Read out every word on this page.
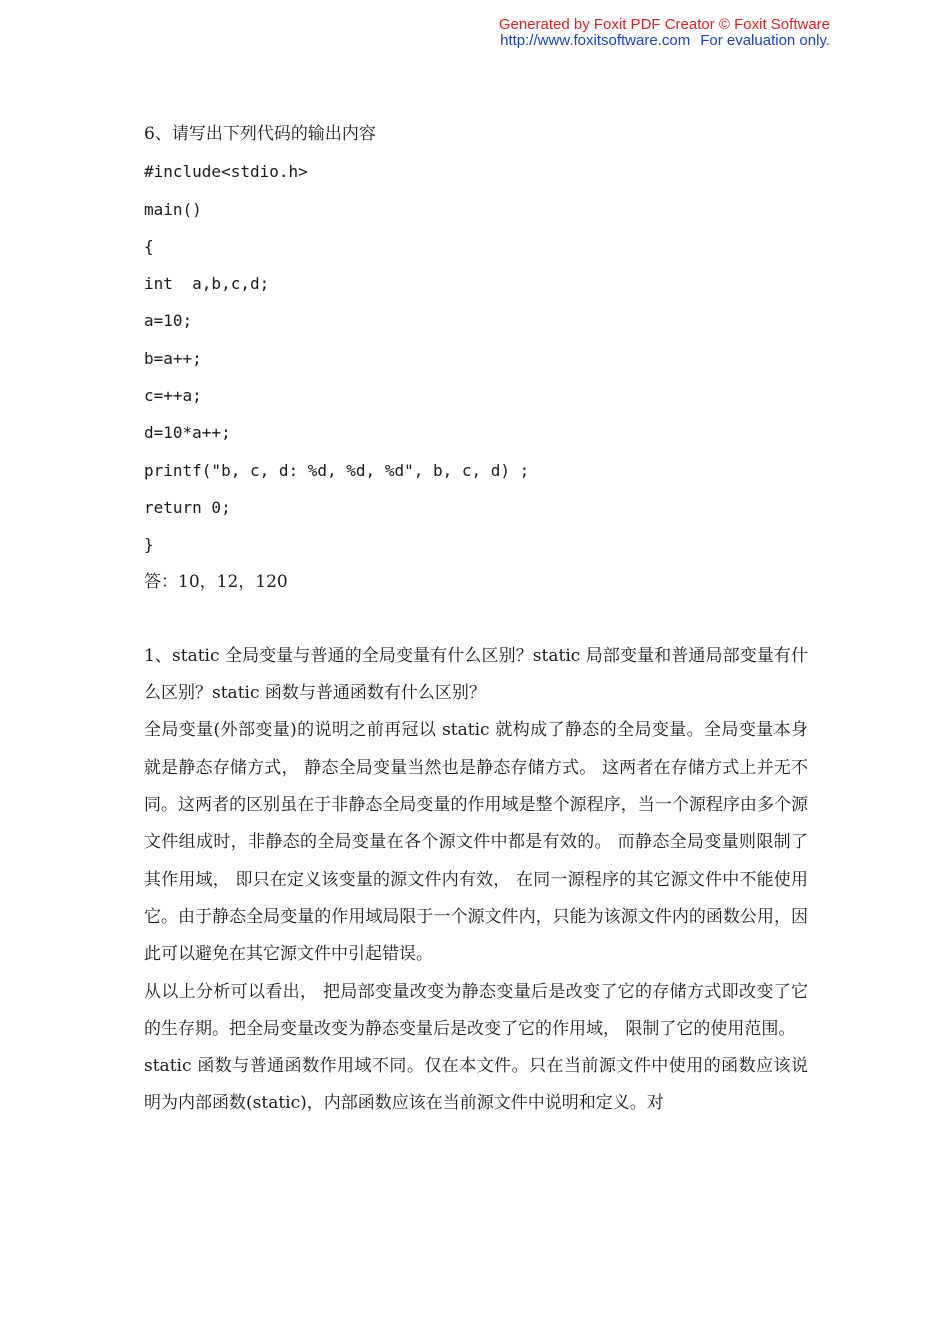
Generated by Foxit PDF Creator © Foxit Software
http://www.foxitsoftware.com For evaluation only.
6、请写出下列代码的输出内容
#include<stdio.h>
main()
{
int  a,b,c,d;
a=10;
b=a++;
c=++a;
d=10*a++;
printf("b, c, d: %d, %d, %d", b, c, d) ;
return 0;
}
答：10，12，120
1、static 全局变量与普通的全局变量有什么区别？static 局部变量和普通局部变量有什么区别？static 函数与普通函数有什么区别？
全局变量(外部变量)的说明之前再冠以 static 就构成了静态的全局变量。全局变量本身就是静态存储方式， 静态全局变量当然也是静态存储方式。 这两者在存储方式上并无不同。这两者的区别虽在于非静态全局变量的作用域是整个源程序，当一个源程序由多个源文件组成时，非静态的全局变量在各个源文件中都是有效的。 而静态全局变量则限制了其作用域， 即只在定义该变量的源文件内有效， 在同一源程序的其它源文件中不能使用它。由于静态全局变量的作用域局限于一个源文件内，只能为该源文件内的函数公用，因此可以避免在其它源文件中引起错误。
从以上分析可以看出， 把局部变量改变为静态变量后是改变了它的存储方式即改变了它的生存期。把全局变量改变为静态变量后是改变了它的作用域， 限制了它的使用范围。
static 函数与普通函数作用域不同。仅在本文件。只在当前源文件中使用的函数应该说明为内部函数(static)，内部函数应该在当前源文件中说明和定义。对
